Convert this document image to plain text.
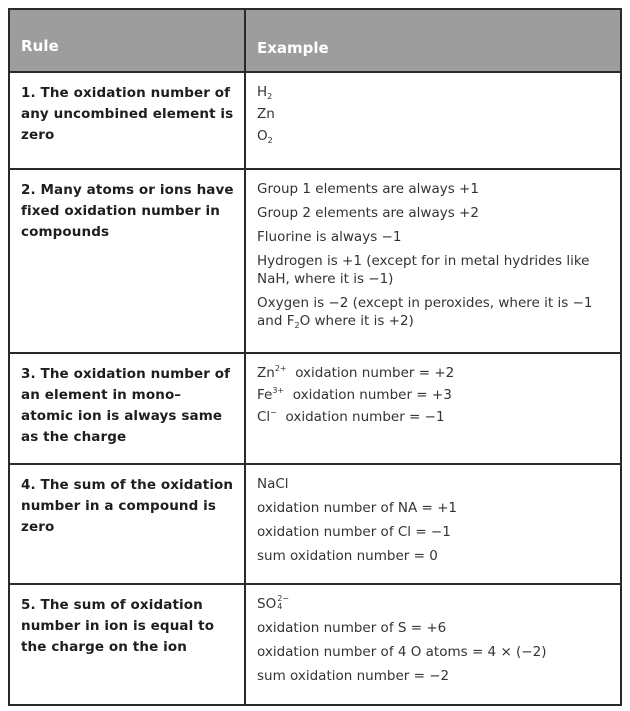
Rule	Example
1. The oxidation number of any uncombined element is zero
$H_2$
Zn
$O_2$
2. Many atoms or ions have fixed oxidation number in compounds
Group 1 elements are always +1
Group 2 elements are always +2
Fluorine is always −1
Hydrogen is +1 (except for in metal hydrides like NaH, where it is −1)
Oxygen is −2 (except in peroxides, where it is −1 and $F_2O$ where it is +2)
3. The oxidation number of an element in mono– atomic ion is always same as the charge
$Zn^{2+}$ oxidation number = +2
$Fe^{3+}$ oxidation number = +3
Cl− oxidation number = −1
4. The sum of the oxidation number in a compound is zero
NaCl
oxidation number of NA = +1
oxidation number of Cl = −1
sum oxidation number = 0
5. The sum of oxidation number in ion is equal to the charge on the ion
SO 2−
4
oxidation number of S = +6
oxidation number of 4 O atoms = 4 × (−2)
sum oxidation number = −2
